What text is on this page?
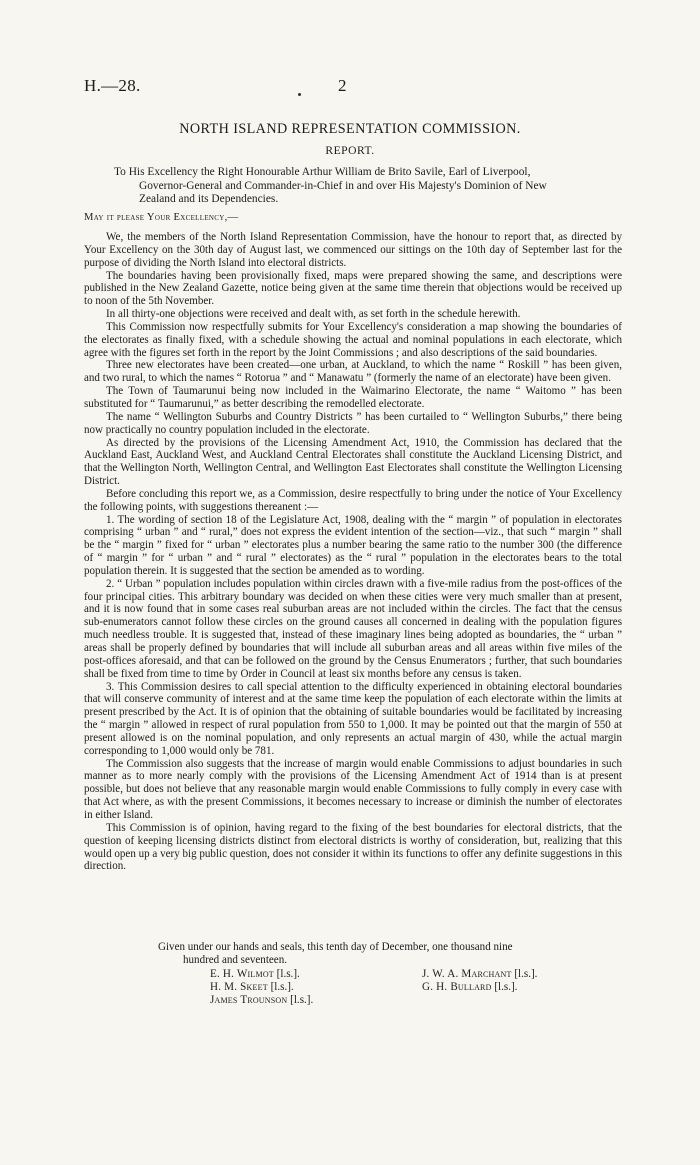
H.—28.	2
NORTH ISLAND REPRESENTATION COMMISSION.
REPORT.
To His Excellency the Right Honourable Arthur William de Brito Savile, Earl of Liverpool,
Governor-General and Commander-in-Chief in and over His Majesty's Dominion of New
Zealand and its Dependencies.
May it please Your Excellency,—

We, the members of the North Island Representation Commission, have the honour to report that, as directed by Your Excellency on the 30th day of August last, we commenced our sittings on the 10th day of September last for the purpose of dividing the North Island into electoral districts.

The boundaries having been provisionally fixed, maps were prepared showing the same, and descriptions were published in the New Zealand Gazette, notice being given at the same time therein that objections would be received up to noon of the 5th November.

In all thirty-one objections were received and dealt with, as set forth in the schedule herewith.

This Commission now respectfully submits for Your Excellency's consideration a map showing the boundaries of the electorates as finally fixed, with a schedule showing the actual and nominal populations in each electorate, which agree with the figures set forth in the report by the Joint Commissions ; and also descriptions of the said boundaries.

Three new electorates have been created—one urban, at Auckland, to which the name “ Roskill ” has been given, and two rural, to which the names “ Rotorua ” and “ Manawatu ” (formerly the name of an electorate) have been given.

The Town of Taumarunui being now included in the Waimarino Electorate, the name “ Waitomo ” has been substituted for “ Taumarunui,” as better describing the remodelled electorate.

The name “ Wellington Suburbs and Country Districts ” has been curtailed to “ Wellington Suburbs,” there being now practically no country population included in the electorate.

As directed by the provisions of the Licensing Amendment Act, 1910, the Commission has declared that the Auckland East, Auckland West, and Auckland Central Electorates shall constitute the Auckland Licensing District, and that the Wellington North, Wellington Central, and Wellington East Electorates shall constitute the Wellington Licensing District.

Before concluding this report we, as a Commission, desire respectfully to bring under the notice of Your Excellency the following points, with suggestions thereanent :—

1. The wording of section 18 of the Legislature Act, 1908, dealing with the “ margin ” of population in electorates comprising “ urban ” and “ rural,” does not express the evident intention of the section—viz., that such “ margin ” shall be the “ margin ” fixed for “ urban ” electorates plus a number bearing the same ratio to the number 300 (the difference of “ margin ” for “ urban ” and “ rural ” electorates) as the “ rural ” population in the electorates bears to the total population therein. It is suggested that the section be amended as to wording.

2. “ Urban ” population includes population within circles drawn with a five-mile radius from the post-offices of the four principal cities. This arbitrary boundary was decided on when these cities were very much smaller than at present, and it is now found that in some cases real suburban areas are not included within the circles. The fact that the census sub-enumerators cannot follow these circles on the ground causes all concerned in dealing with the population figures much needless trouble. It is suggested that, instead of these imaginary lines being adopted as boundaries, the “ urban ” areas shall be properly defined by boundaries that will include all suburban areas and all areas within five miles of the post-offices aforesaid, and that can be followed on the ground by the Census Enumerators ; further, that such boundaries shall be fixed from time to time by Order in Council at least six months before any census is taken.

3. This Commission desires to call special attention to the difficulty experienced in obtaining electoral boundaries that will conserve community of interest and at the same time keep the population of each electorate within the limits at present prescribed by the Act. It is of opinion that the obtaining of suitable boundaries would be facilitated by increasing the “ margin ” allowed in respect of rural population from 550 to 1,000. It may be pointed out that the margin of 550 at present allowed is on the nominal population, and only represents an actual margin of 430, while the actual margin corresponding to 1,000 would only be 781.

The Commission also suggests that the increase of margin would enable Commissions to adjust boundaries in such manner as to more nearly comply with the provisions of the Licensing Amendment Act of 1914 than is at present possible, but does not believe that any reasonable margin would enable Commissions to fully comply in every case with that Act where, as with the present Commissions, it becomes necessary to increase or diminish the number of electorates in either Island.

This Commission is of opinion, having regard to the fixing of the best boundaries for electoral districts, that the question of keeping licensing districts distinct from electoral districts is worthy of consideration, but, realizing that this would open up a very big public question, does not consider it within its functions to offer any definite suggestions in this direction.

Given under our hands and seals, this tenth day of December, one thousand nine
hundred and seventeen.
E. H. Wilmot [l.s.].
H. M. Skeet [l.s.].
James Trounson [l.s.].
J. W. A. Marchant [l.s.].
G. H. Bullard [l.s.].
